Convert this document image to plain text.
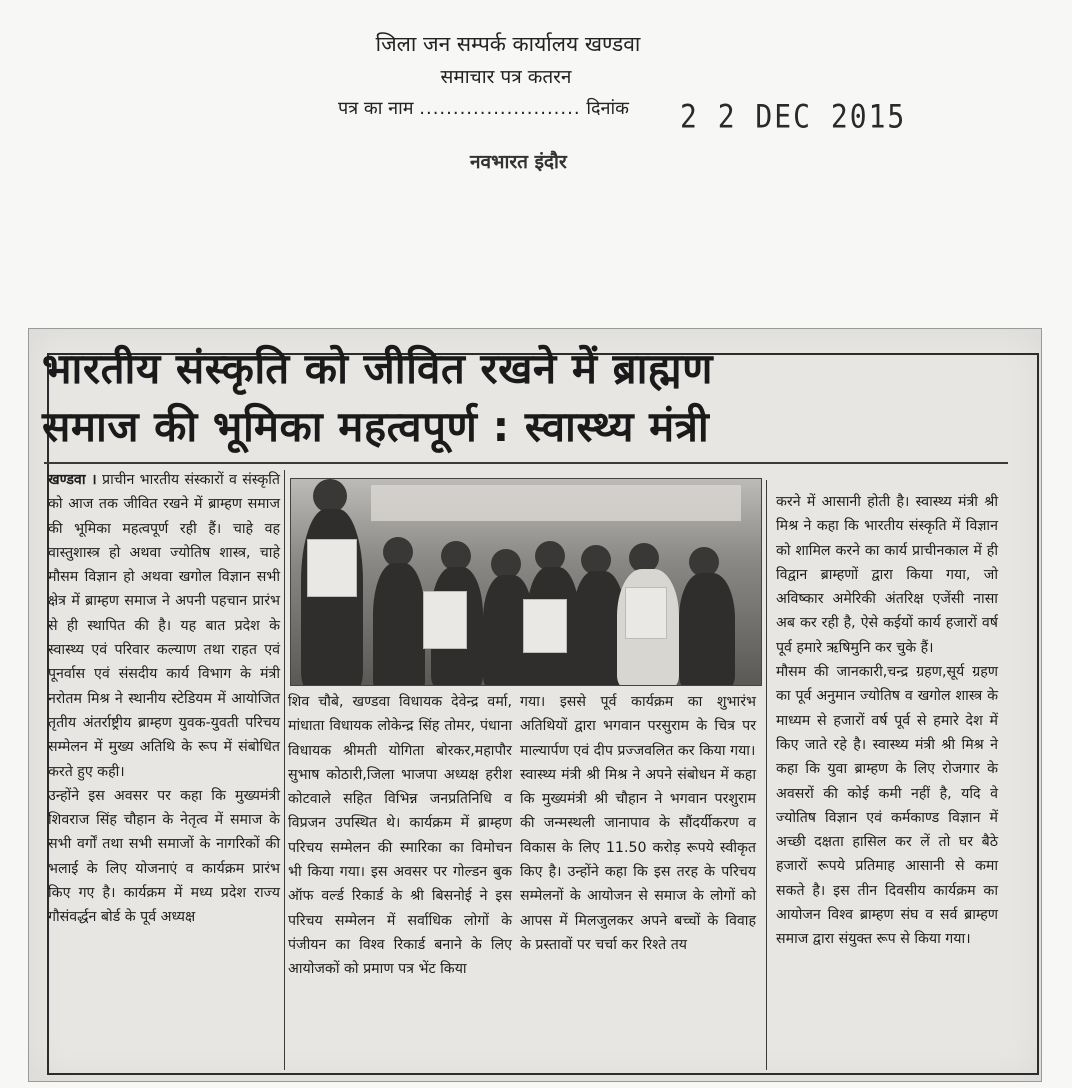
जिला जन सम्पर्क कार्यालय खण्डवा
समाचार पत्र कतरन
पत्र का नाम ........................ दिनांक 2 2 DEC 2015
नवभारत इंदौर
भारतीय संस्कृति को जीवित रखने में ब्राह्मण
समाज की भूमिका महत्वपूर्ण : स्वास्थ्य मंत्री

खण्डवा । प्राचीन भारतीय संस्कारों व संस्कृति को आज तक जीवित रखने में ब्राम्हण समाज की भूमिका महत्वपूर्ण रही हैं। चाहे वह वास्तुशास्त्र हो अथवा ज्योतिष शास्त्र, चाहे मौसम विज्ञान हो अथवा खगोल विज्ञान सभी क्षेत्र में ब्राम्हण समाज ने अपनी पहचान प्रारंभ से ही स्थापित की है। यह बात प्रदेश के स्वास्थ्य एवं परिवार कल्याण तथा राहत एवं पूनर्वास एवं संसदीय कार्य विभाग के मंत्री नरोतम मिश्र ने स्थानीय स्टेडियम में आयोजित तृतीय अंतर्राष्ट्रीय ब्राम्हण युवक-युवती परिचय सम्मेलन में मुख्य अतिथि के रूप में संबोधित करते हुए कही।

उन्होंने इस अवसर पर कहा कि मुख्यमंत्री शिवराज सिंह चौहान के नेतृत्व में समाज के सभी वर्गों तथा सभी समाजों के नागरिकों की भलाई के लिए योजनाएं व कार्यक्रम प्रारंभ किए गए है। कार्यक्रम में मध्य प्रदेश राज्य गौसंवर्द्धन बोर्ड के पूर्व अध्यक्ष

शिव चौबे, खण्डवा विधायक देवेन्द्र वर्मा, मांधाता विधायक लोकेन्द्र सिंह तोमर, पंधाना विधायक श्रीमती योगिता बोरकर,महापौर सुभाष कोठारी,जिला भाजपा अध्यक्ष हरीश कोटवाले सहित विभिन्न जनप्रतिनिधि व विप्रजन उपस्थित थे। कार्यक्रम में ब्राम्हण परिचय सम्मेलन की स्मारिका का विमोचन भी किया गया। इस अवसर पर गोल्डन बुक ऑफ वर्ल्ड रिकार्ड के श्री बिसनोई ने इस परिचय सम्मेलन में सर्वाधिक लोगों के पंजीयन का विश्व रिकार्ड बनाने के लिए आयोजकों को प्रमाण पत्र भेंट किया

गया। इससे पूर्व कार्यक्रम का शुभारंभ अतिथियों द्वारा भगवान परसुराम के चित्र पर माल्यार्पण एवं दीप प्रज्जवलित कर किया गया।

स्वास्थ्य मंत्री श्री मिश्र ने अपने संबोधन में कहा कि मुख्यमंत्री श्री चौहान ने भगवान परशुराम की जन्मस्थली जानापाव के सौंदर्यीकरण व विकास के लिए 11.50 करोड़ रूपये स्वीकृत किए है। उन्होंने कहा कि इस तरह के परिचय सम्मेलनों के आयोजन से समाज के लोगों को आपस में मिलजुलकर अपने बच्चों के विवाह के प्रस्तावों पर चर्चा कर रिश्ते तय

करने में आसानी होती है। स्वास्थ्य मंत्री श्री मिश्र ने कहा कि भारतीय संस्कृति में विज्ञान को शामिल करने का कार्य प्राचीनकाल में ही विद्वान ब्राम्हणों द्वारा किया गया, जो अविष्कार अमेरिकी अंतरिक्ष एजेंसी नासा अब कर रही है, ऐसे कईयों कार्य हजारों वर्ष पूर्व हमारे ऋषिमुनि कर चुके हैं।

मौसम की जानकारी,चन्द्र ग्रहण,सूर्य ग्रहण का पूर्व अनुमान ज्योतिष व खगोल शास्त्र के माध्यम से हजारों वर्ष पूर्व से हमारे देश में किए जाते रहे है। स्वास्थ्य मंत्री श्री मिश्र ने कहा कि युवा ब्राम्हण के लिए रोजगार के अवसरों की कोई कमी नहीं है, यदि वे ज्योतिष विज्ञान एवं कर्मकाण्ड विज्ञान में अच्छी दक्षता हासिल कर लें तो घर बैठे हजारों रूपये प्रतिमाह आसानी से कमा सकते है। इस तीन दिवसीय कार्यक्रम का आयोजन विश्व ब्राम्हण संघ व सर्व ब्राम्हण समाज द्वारा संयुक्त रूप से किया गया।
